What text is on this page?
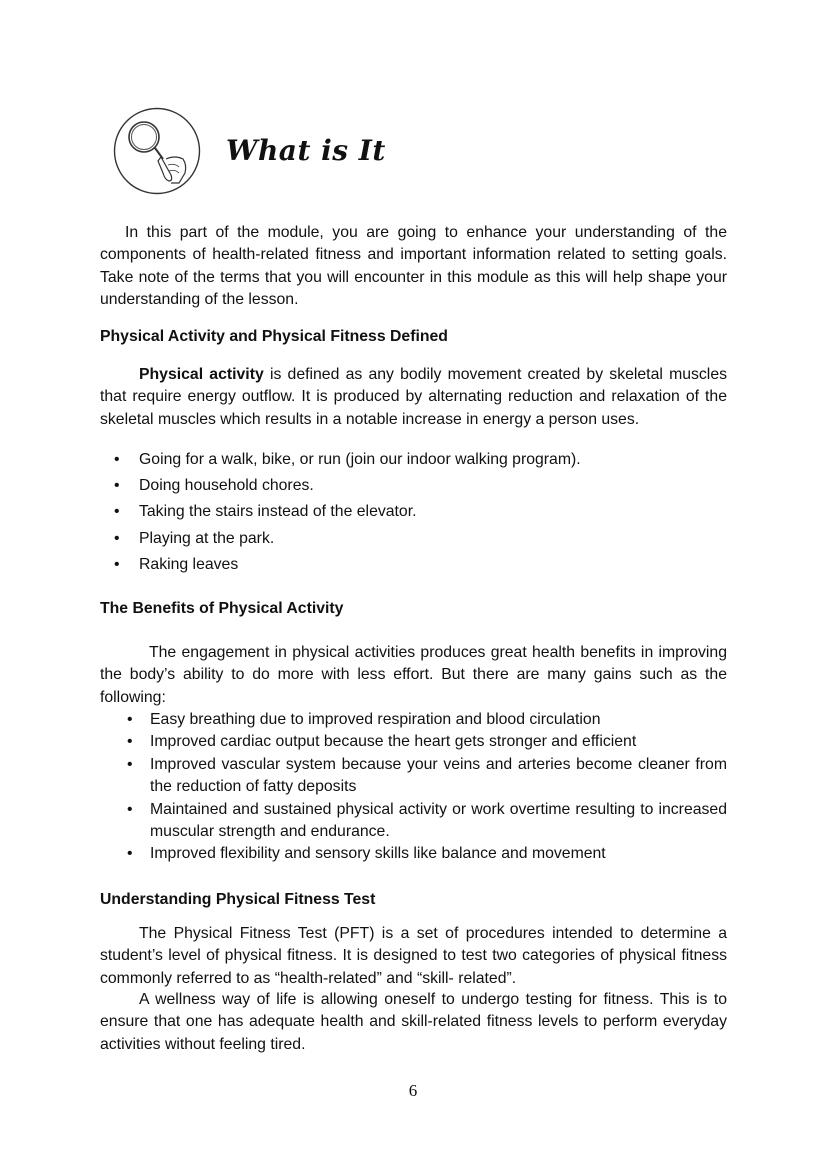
What is It
In this part of the module, you are going to enhance your understanding of the components of health-related fitness and important information related to setting goals. Take note of the terms that you will encounter in this module as this will help shape your understanding of the lesson.
Physical Activity and Physical Fitness Defined
Physical activity is defined as any bodily movement created by skeletal muscles that require energy outflow. It is produced by alternating reduction and relaxation of the skeletal muscles which results in a notable increase in energy a person uses.
• Going for a walk, bike, or run (join our indoor walking program).
• Doing household chores.
• Taking the stairs instead of the elevator.
• Playing at the park.
• Raking leaves
The Benefits of Physical Activity
The engagement in physical activities produces great health benefits in improving the body’s ability to do more with less effort. But there are many gains such as the following:
• Easy breathing due to improved respiration and blood circulation
• Improved cardiac output because the heart gets stronger and efficient
• Improved vascular system because your veins and arteries become cleaner from the reduction of fatty deposits
• Maintained and sustained physical activity or work overtime resulting to increased muscular strength and endurance.
• Improved flexibility and sensory skills like balance and movement
Understanding Physical Fitness Test
The Physical Fitness Test (PFT) is a set of procedures intended to determine a student’s level of physical fitness. It is designed to test two categories of physical fitness commonly referred to as “health-related” and “skill- related”.
A wellness way of life is allowing oneself to undergo testing for fitness. This is to ensure that one has adequate health and skill-related fitness levels to perform everyday activities without feeling tired.
6
